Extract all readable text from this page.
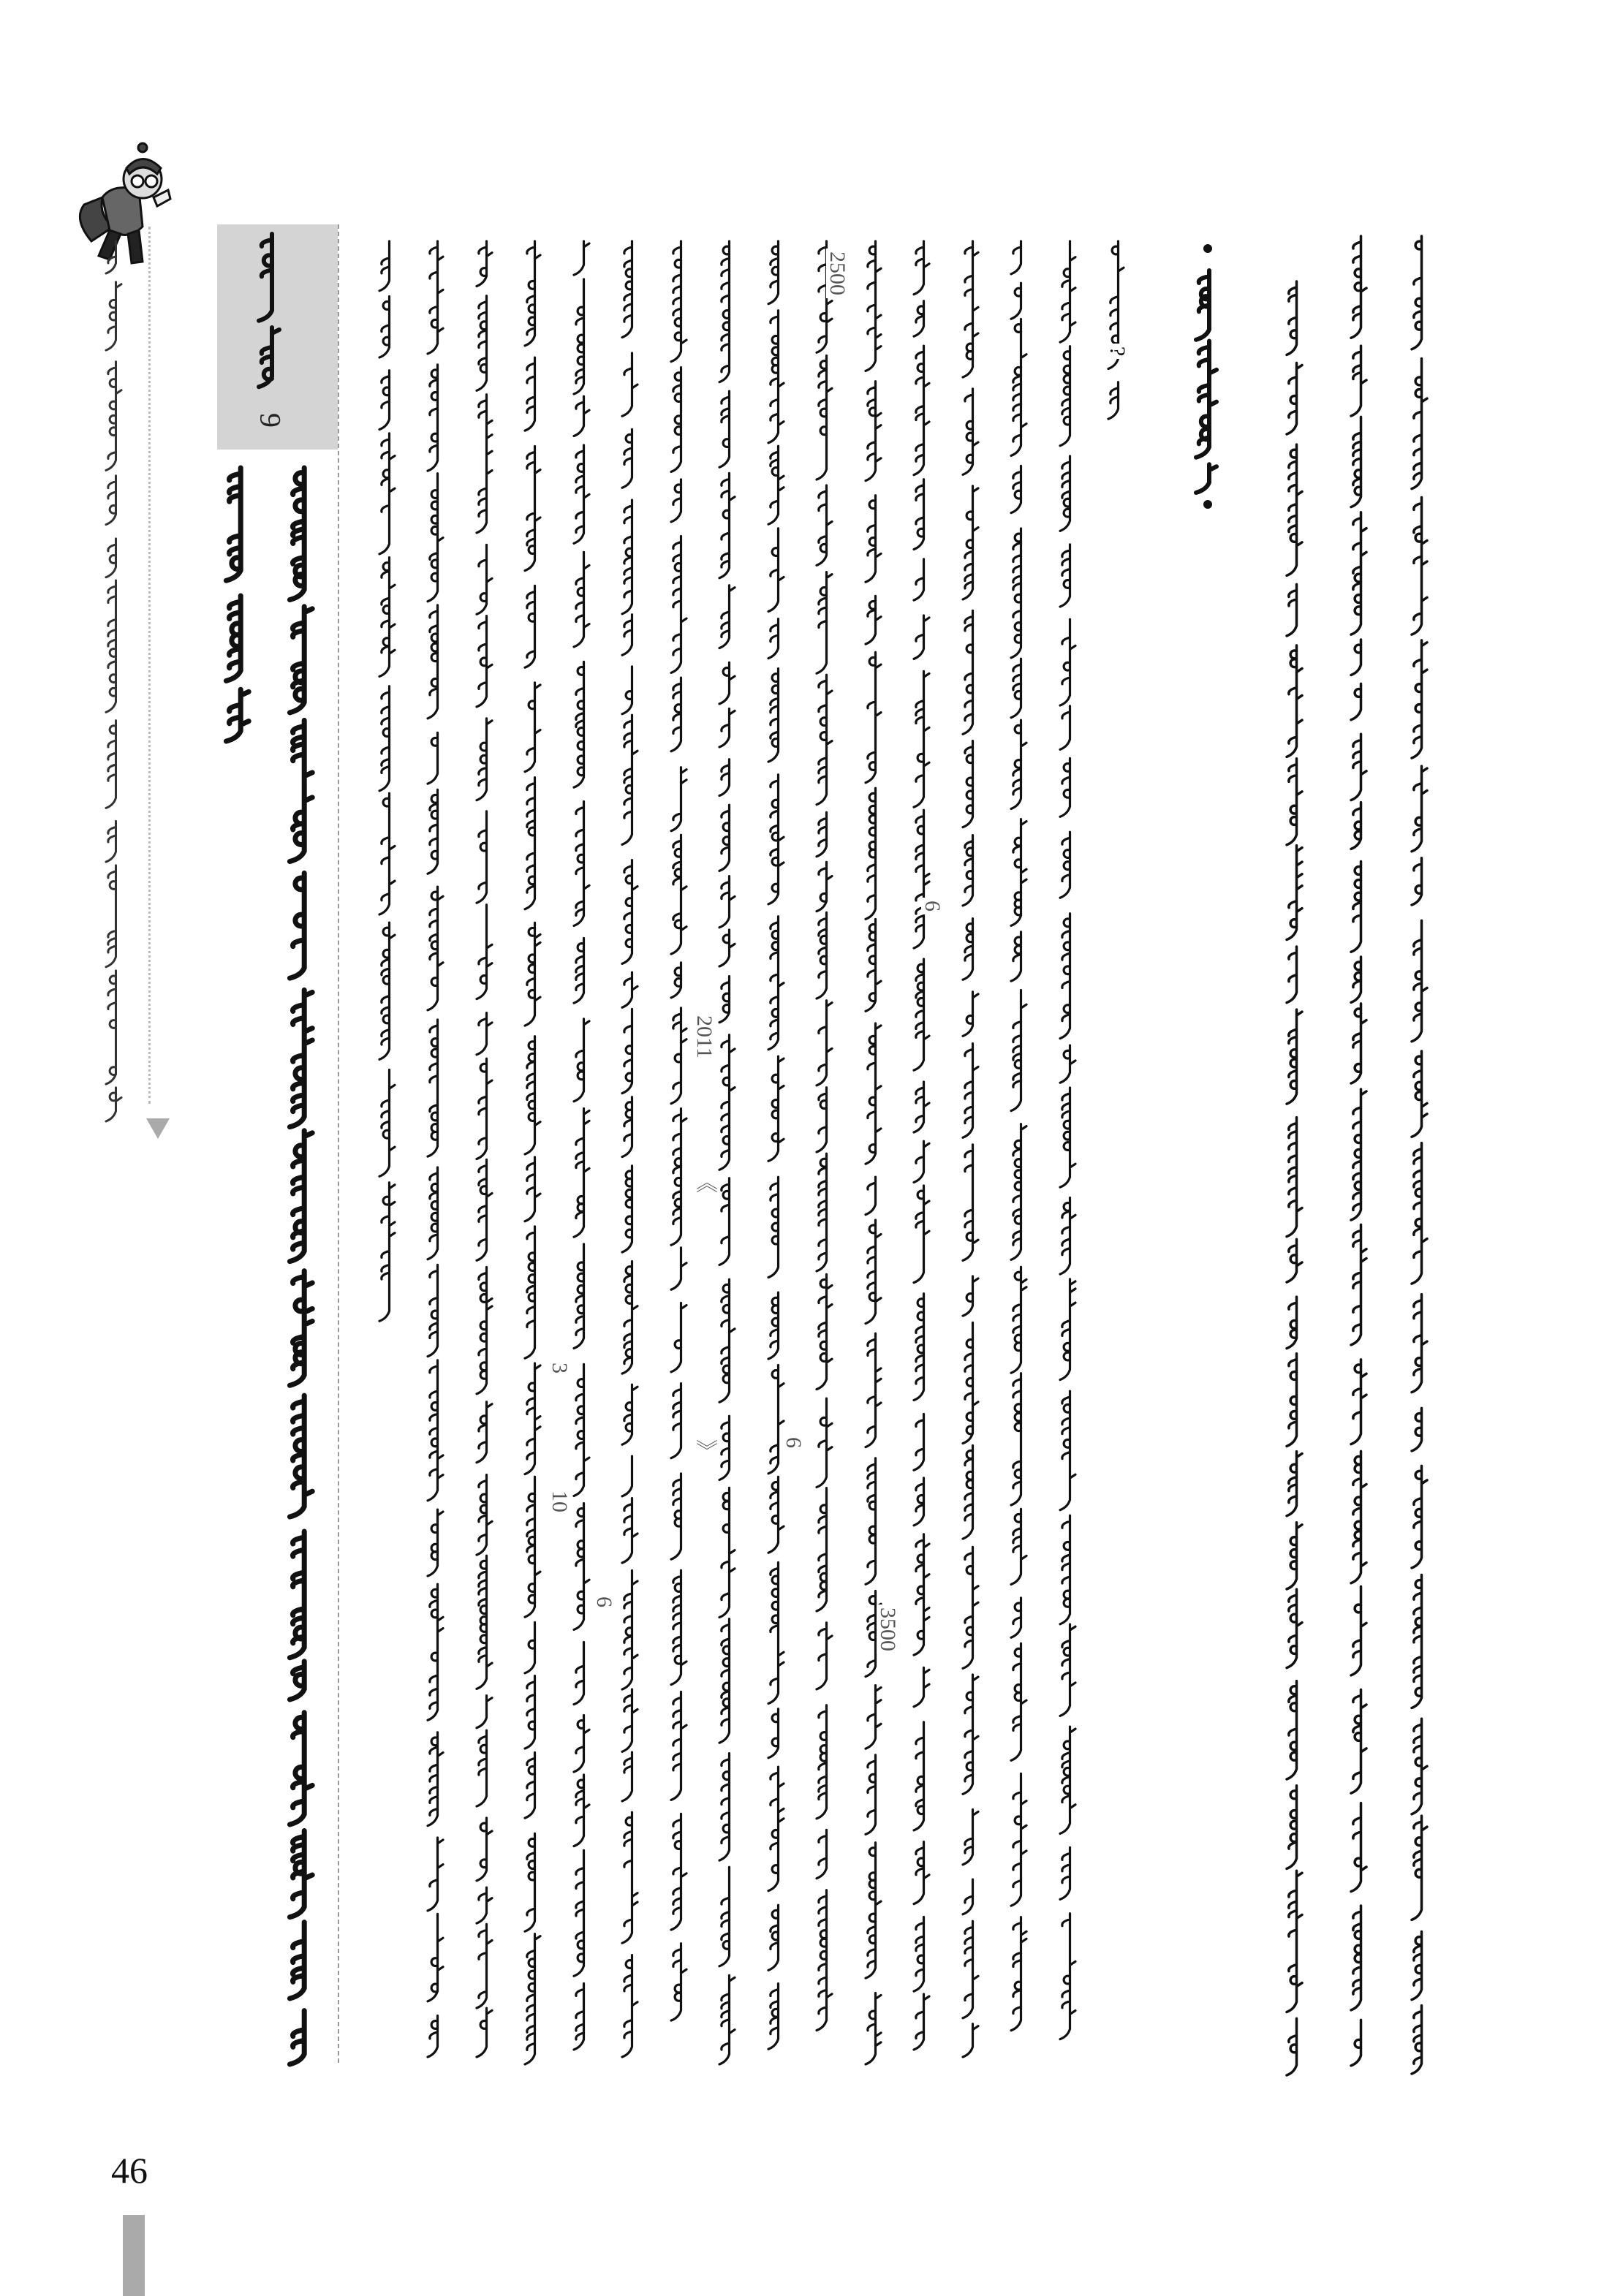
9
2500
2011
《
》
3
10
6
6
6
3500
?
46
